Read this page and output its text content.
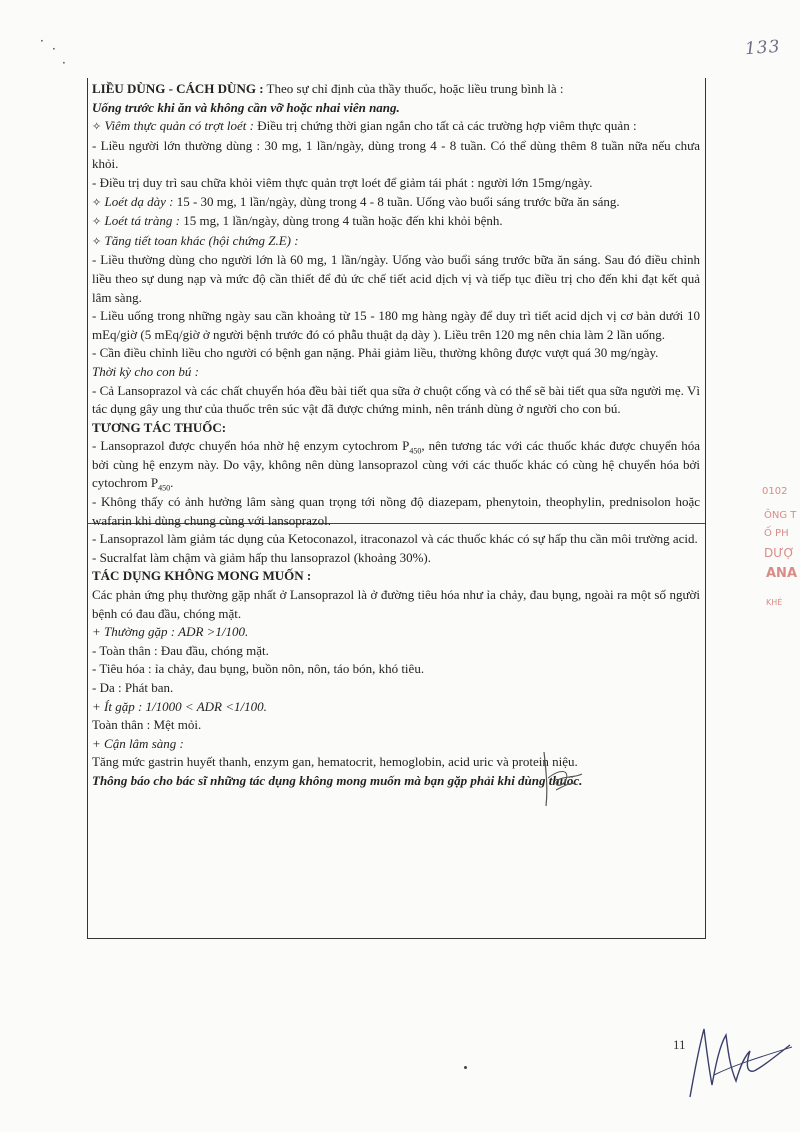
·
·
·
133

LIỀU DÙNG - CÁCH DÙNG : Theo sự chỉ định của thầy thuốc, hoặc liều trung bình là :

Uống trước khi ăn và không cần vỡ hoặc nhai viên nang.

✧ Viêm thực quản có trợt loét : Điều trị chứng thời gian ngắn cho tất cả các trường hợp viêm thực quản :

- Liều người lớn thường dùng : 30 mg, 1 lần/ngày, dùng trong 4 - 8 tuần. Có thể dùng thêm 8 tuần nữa nếu chưa khỏi.

- Điều trị duy trì sau chữa khỏi viêm thực quản trợt loét để giảm tái phát : người lớn 15mg/ngày.

✧ Loét dạ dày : 15 - 30 mg, 1 lần/ngày, dùng trong 4 - 8 tuần. Uống vào buổi sáng trước bữa ăn sáng.

✧ Loét tá tràng : 15 mg, 1 lần/ngày, dùng trong 4 tuần hoặc đến khi khỏi bệnh.

✧ Tăng tiết toan khác (hội chứng Z.E) :

- Liều thường dùng cho người lớn là 60 mg, 1 lần/ngày. Uống vào buổi sáng trước bữa ăn sáng. Sau đó điều chỉnh liều theo sự dung nạp và mức độ cần thiết để đủ ức chế tiết acid dịch vị và tiếp tục điều trị cho đến khi đạt kết quả lâm sàng.

- Liều uống trong những ngày sau cần khoảng từ 15 - 180 mg hàng ngày để duy trì tiết acid dịch vị cơ bản dưới 10 mEq/giờ (5 mEq/giờ ở người bệnh trước đó có phẫu thuật dạ dày ). Liều trên 120 mg nên chia làm 2 lần uống.

- Cần điều chỉnh liều cho người có bệnh gan nặng. Phải giảm liều, thường không được vượt quá 30 mg/ngày.

Thời kỳ cho con bú :

- Cả Lansoprazol và các chất chuyển hóa đều bài tiết qua sữa ở chuột cống và có thể sẽ bài tiết qua sữa người mẹ. Vì tác dụng gây ung thư của thuốc trên súc vật đã được chứng minh, nên tránh dùng ở người cho con bú.

TƯƠNG TÁC THUỐC:

- Lansoprazol được chuyển hóa nhờ hệ enzym cytochrom $P_{450}$, nên tương tác với các thuốc khác được chuyển hóa bởi cùng hệ enzym này. Do vậy, không nên dùng lansoprazol cùng với các thuốc khác có cùng hệ chuyển hóa bởi cytochrom $P_{450}$.

- Không thấy có ảnh hưởng lâm sàng quan trọng tới nồng độ diazepam, phenytoin, theophylin, prednisolon hoặc wafarin khi dùng chung cùng với lansoprazol.

- Lansoprazol làm giảm tác dụng của Ketoconazol, itraconazol và các thuốc khác có sự hấp thu cần môi trường acid.

- Sucralfat làm chậm và giảm hấp thu lansoprazol (khoảng 30%).

TÁC DỤNG KHÔNG MONG MUỐN :

Các phản ứng phụ thường gặp nhất ở Lansoprazol là ở đường tiêu hóa như ỉa chảy, đau bụng, ngoài ra một số người bệnh có đau đầu, chóng mặt.

+ Thường gặp : ADR >1/100.

- Toàn thân : Đau đầu, chóng mặt.

- Tiêu hóa : ỉa chảy, đau bụng, buồn nôn, nôn, táo bón, khó tiêu.

- Da : Phát ban.

+ Ít gặp : 1/1000 < ADR <1/100.

Toàn thân : Mệt mỏi.

+ Cận lâm sàng :

Tăng mức gastrin huyết thanh, enzym gan, hematocrit, hemoglobin, acid uric và protein niệu.

Thông báo cho bác sĩ những tác dụng không mong muốn mà bạn gặp phải khi dùng thuốc.

0102
ÔNG T
Ố PH
DƯỢ
ANA
KHÉ
11
